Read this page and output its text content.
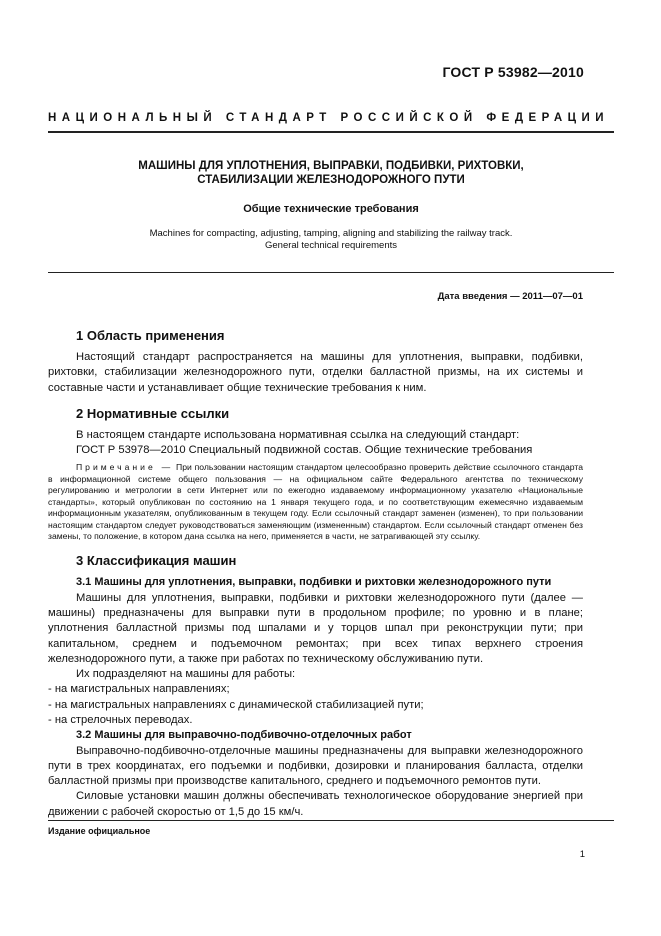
ГОСТ Р 53982—2010
НАЦИОНАЛЬНЫЙ СТАНДАРТ РОССИЙСКОЙ ФЕДЕРАЦИИ
МАШИНЫ ДЛЯ УПЛОТНЕНИЯ, ВЫПРАВКИ, ПОДБИВКИ, РИХТОВКИ,
СТАБИЛИЗАЦИИ ЖЕЛЕЗНОДОРОЖНОГО ПУТИ
Общие технические требования
Machines for compacting, adjusting, tamping, aligning and stabilizing the railway track.
General technical requirements
Дата введения — 2011—07—01

1 Область применения

Настоящий стандарт распространяется на машины для уплотнения, выправки, подбивки, рихтовки, стабилизации железнодорожного пути, отделки балластной призмы, на их системы и составные части и устанавливает общие технические требования к ним.

2 Нормативные ссылки

В настоящем стандарте использована нормативная ссылка на следующий стандарт:

ГОСТ Р 53978—2010 Специальный подвижной состав. Общие технические требования

Примечание — При пользовании настоящим стандартом целесообразно проверить действие ссылочного стандарта в информационной системе общего пользования — на официальном сайте Федерального агентства по техническому регулированию и метрологии в сети Интернет или по ежегодно издаваемому информационному указателю «Национальные стандарты», который опубликован по состоянию на 1 января текущего года, и по соответствующим ежемесячно издаваемым информационным указателям, опубликованным в текущем году. Если ссылочный стандарт заменен (изменен), то при пользовании настоящим стандартом следует руководствоваться заменяющим (измененным) стандартом. Если ссылочный стандарт отменен без замены, то положение, в котором дана ссылка на него, применяется в части, не затрагивающей эту ссылку.

3 Классификация машин

3.1 Машины для уплотнения, выправки, подбивки и рихтовки железнодорожного пути

Машины для уплотнения, выправки, подбивки и рихтовки железнодорожного пути (далее — машины) предназначены для выправки пути в продольном профиле; по уровню и в плане; уплотнения балластной призмы под шпалами и у торцов шпал при реконструкции пути; при капитальном, среднем и подъемочном ремонтах; при всех типах верхнего строения железнодорожного пути, а также при работах по техническому обслуживанию пути.

Их подразделяют на машины для работы:

- на магистральных направлениях;

- на магистральных направлениях с динамической стабилизацией пути;

- на стрелочных переводах.

3.2 Машины для выправочно-подбивочно-отделочных работ

Выправочно-подбивочно-отделочные машины предназначены для выправки железнодорожного пути в трех координатах, его подъемки и подбивки, дозировки и планирования балласта, отделки балластной призмы при производстве капитального, среднего и подъемочного ремонтов пути.

Силовые установки машин должны обеспечивать технологическое оборудование энергией при движении с рабочей скоростью от 1,5 до 15 км/ч.

Издание официальное
1
